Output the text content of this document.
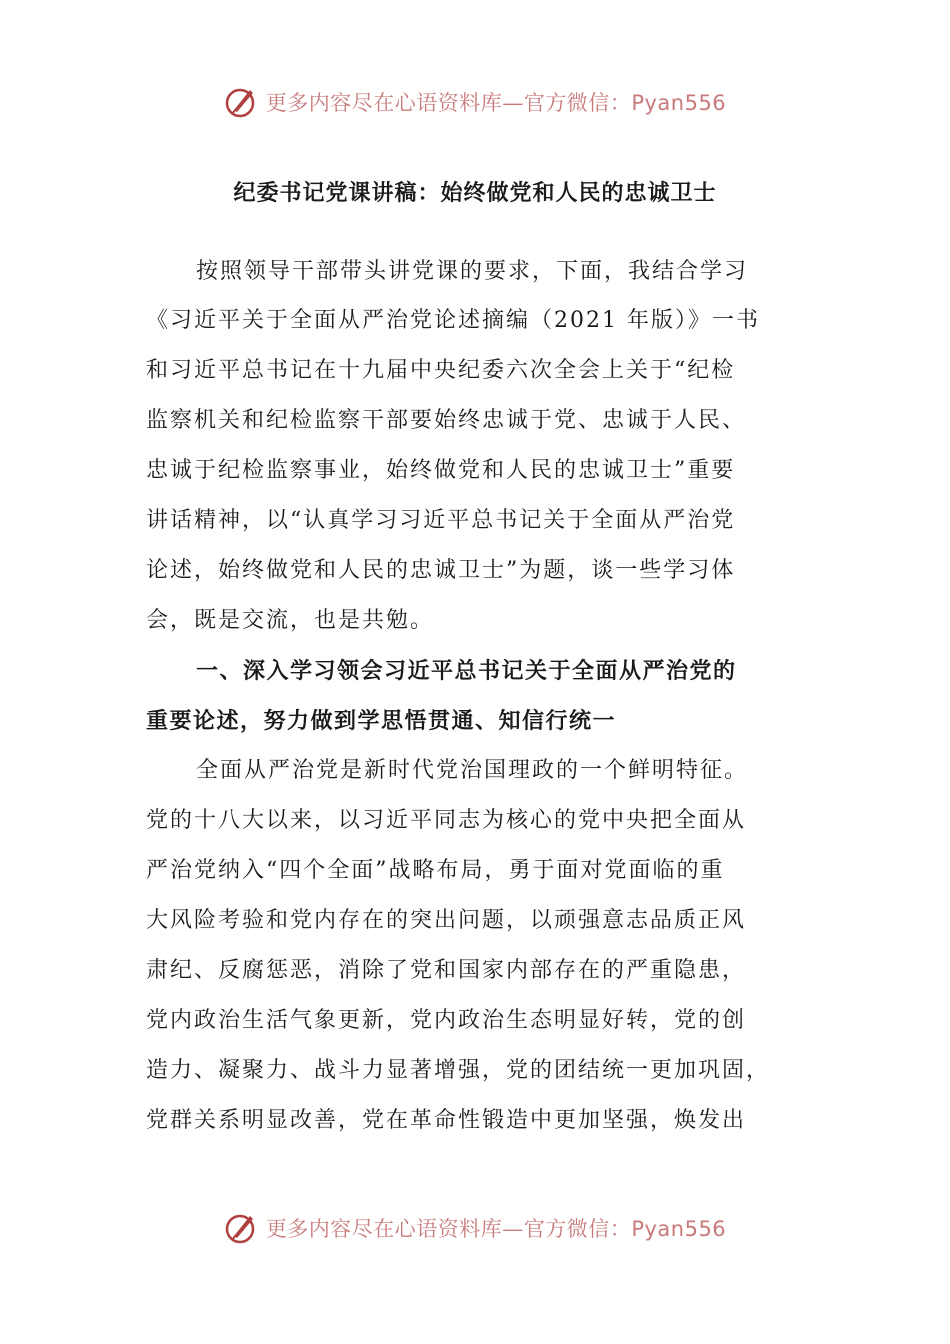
更多内容尽在心语资料库—官方微信：Pyan556
纪委书记党课讲稿：始终做党和人民的忠诚卫士
按照领导干部带头讲党课的要求，下面，我结合学习
《习近平关于全面从严治党论述摘编（2021 年版）》一书
和习近平总书记在十九届中央纪委六次全会上关于“纪检
监察机关和纪检监察干部要始终忠诚于党、忠诚于人民、
忠诚于纪检监察事业，始终做党和人民的忠诚卫士”重要
讲话精神，以“认真学习习近平总书记关于全面从严治党
论述，始终做党和人民的忠诚卫士”为题，谈一些学习体
会，既是交流，也是共勉。
一、深入学习领会习近平总书记关于全面从严治党的
重要论述，努力做到学思悟贯通、知信行统一
全面从严治党是新时代党治国理政的一个鲜明特征。
党的十八大以来，以习近平同志为核心的党中央把全面从
严治党纳入“四个全面”战略布局，勇于面对党面临的重
大风险考验和党内存在的突出问题，以顽强意志品质正风
肃纪、反腐惩恶，消除了党和国家内部存在的严重隐患，
党内政治生活气象更新，党内政治生态明显好转，党的创
造力、凝聚力、战斗力显著增强，党的团结统一更加巩固，
党群关系明显改善，党在革命性锻造中更加坚强，焕发出
更多内容尽在心语资料库—官方微信：Pyan556
